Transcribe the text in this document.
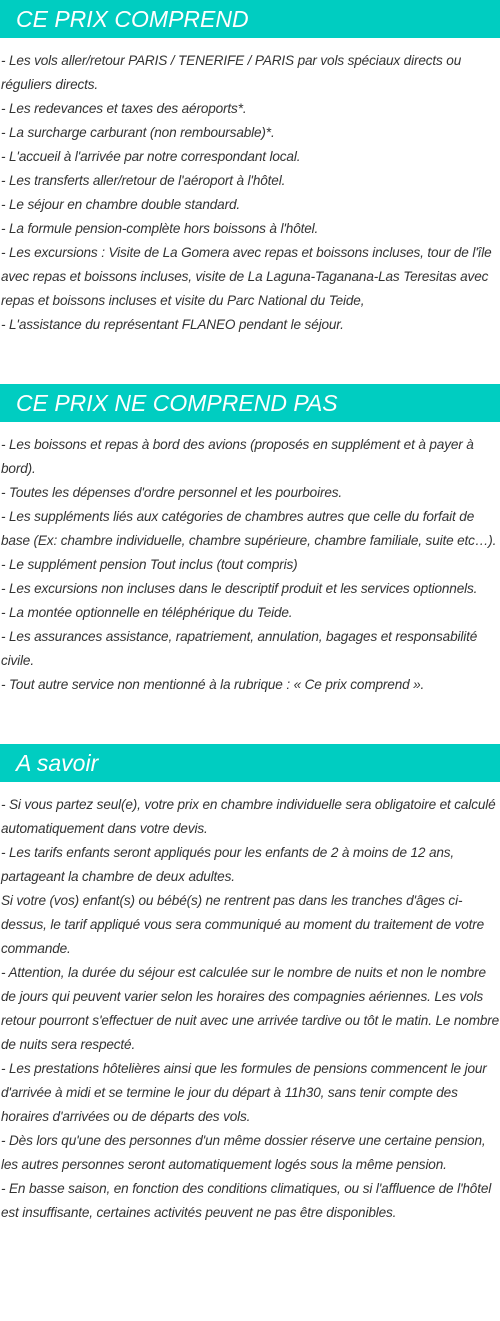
CE PRIX COMPREND
- Les vols aller/retour PARIS / TENERIFE / PARIS par vols spéciaux directs ou réguliers directs.
- Les redevances et taxes des aéroports*.
- La surcharge carburant (non remboursable)*.
- L'accueil à l'arrivée par notre correspondant local.
- Les transferts aller/retour de l'aéroport à l'hôtel.
- Le séjour en chambre double standard.
- La formule pension-complète hors boissons à l'hôtel.
- Les excursions : Visite de La Gomera avec repas et boissons incluses, tour de l'île avec repas et boissons incluses, visite de La Laguna-Taganana-Las Teresitas avec repas et boissons incluses et visite du Parc National du Teide,
- L'assistance du représentant FLANEO pendant le séjour.
CE PRIX NE COMPREND PAS
- Les boissons et repas à bord des avions (proposés en supplément et à payer à bord).
- Toutes les dépenses d'ordre personnel et les pourboires.
- Les suppléments liés aux catégories de chambres autres que celle du forfait de base (Ex: chambre individuelle, chambre supérieure, chambre familiale, suite etc…).
- Le supplément pension Tout inclus (tout compris)
- Les excursions non incluses dans le descriptif produit et les services optionnels.
- La montée optionnelle en téléphérique du Teide.
- Les assurances assistance, rapatriement, annulation, bagages et responsabilité civile.
- Tout autre service non mentionné à la rubrique : « Ce prix comprend ».
A savoir
- Si vous partez seul(e), votre prix en chambre individuelle sera obligatoire et calculé automatiquement dans votre devis.
- Les tarifs enfants seront appliqués pour les enfants de 2 à moins de 12 ans, partageant la chambre de deux adultes.
Si votre (vos) enfant(s) ou bébé(s) ne rentrent pas dans les tranches d'âges ci-dessus, le tarif appliqué vous sera communiqué au moment du traitement de votre commande.
- Attention, la durée du séjour est calculée sur le nombre de nuits et non le nombre de jours qui peuvent varier selon les horaires des compagnies aériennes. Les vols retour pourront s'effectuer de nuit avec une arrivée tardive ou tôt le matin. Le nombre de nuits sera respecté.
- Les prestations hôtelières ainsi que les formules de pensions commencent le jour d'arrivée à midi et se termine le jour du départ à 11h30, sans tenir compte des horaires d'arrivées ou de départs des vols.
- Dès lors qu'une des personnes d'un même dossier réserve une certaine pension, les autres personnes seront automatiquement logés sous la même pension.
- En basse saison, en fonction des conditions climatiques, ou si l'affluence de l'hôtel est insuffisante, certaines activités peuvent ne pas être disponibles.
